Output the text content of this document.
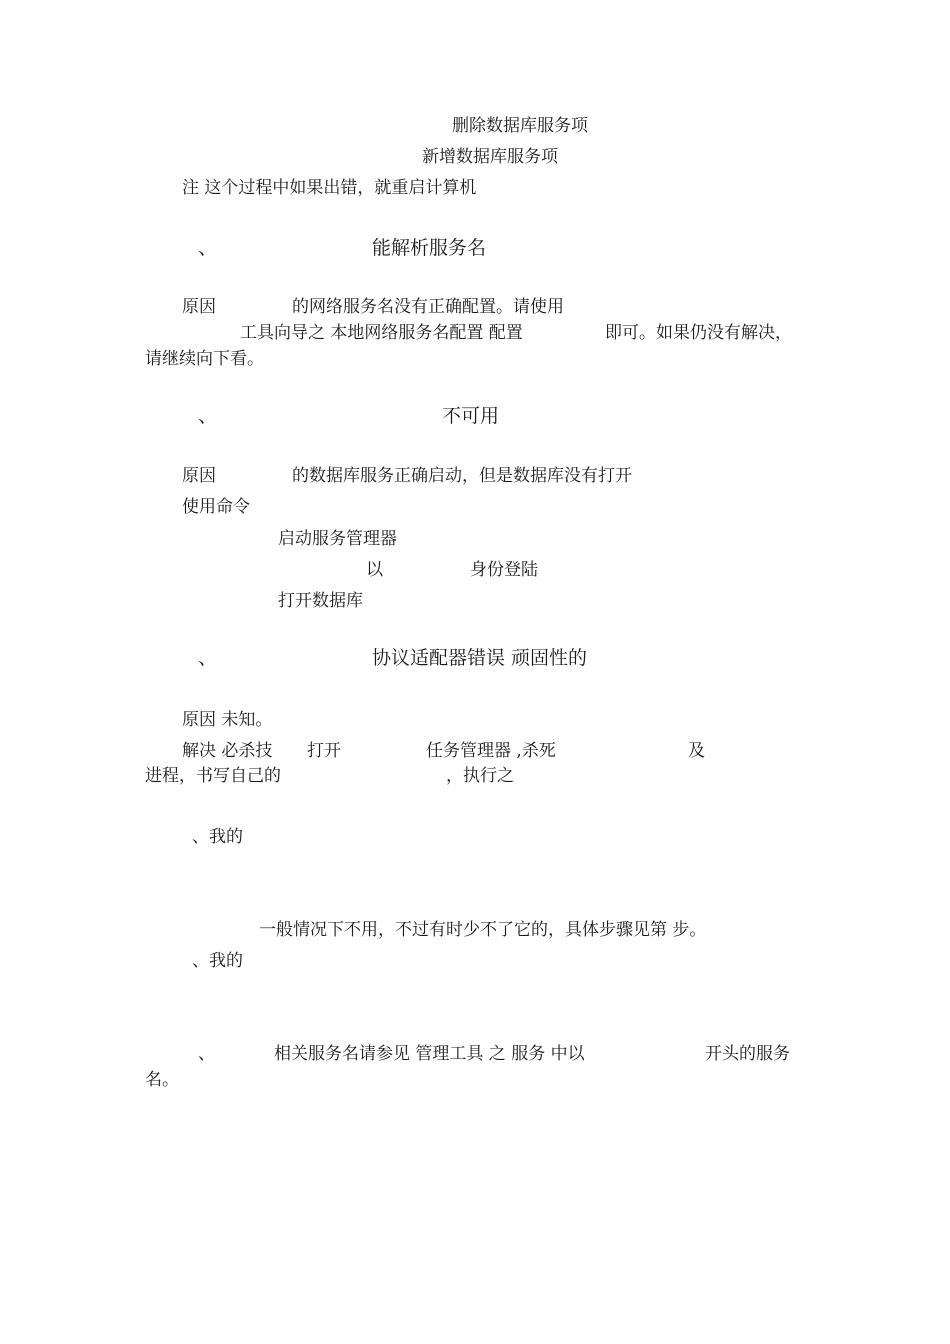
删除数据库服务项
新增数据库服务项
注 这个过程中如果出错，就重启计算机
、	能解析服务名
原因	的网络服务名没有正确配置。请使用
工具向导之 本地网络服务名配置 配置	即可。如果仍没有解决，
请继续向下看。
、	不可用
原因	的数据库服务正确启动，但是数据库没有打开
使用命令
启动服务管理器
以	身份登陆
打开数据库
、	协议适配器错误 顽固性的
原因 未知。
解决 必杀技 打开	任务管理器 ,杀死	及
进程，书写自己的	，执行之
、我的
一般情况下不用，不过有时少不了它的，具体步骤见第 步。
、我的
、	相关服务名请参见 管理工具 之 服务 中以	开头的服务
名。
